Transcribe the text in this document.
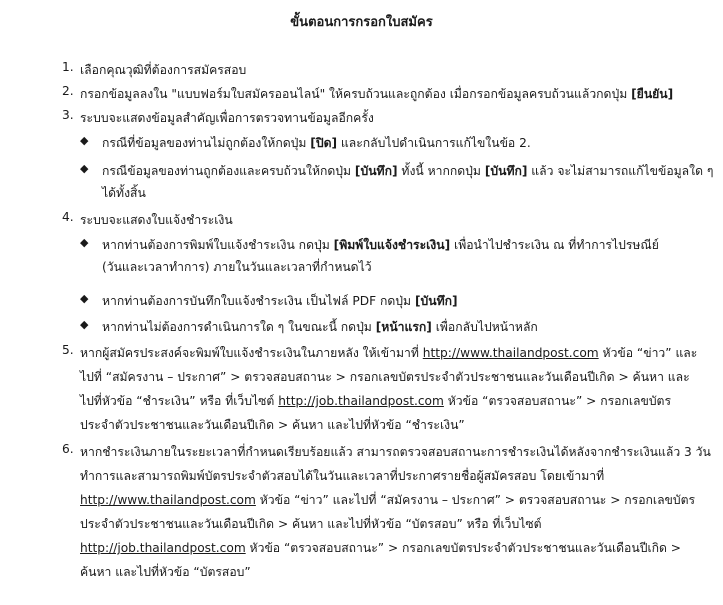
ขั้นตอนการกรอกใบสมัคร
1. เลือกคุณวุฒิที่ต้องการสมัครสอบ
2. กรอกข้อมูลลงใน "แบบฟอร์มใบสมัครออนไลน์" ให้ครบถ้วนและถูกต้อง เมื่อกรอกข้อมูลครบถ้วนแล้วกดปุ่ม [ยืนยัน]
3. ระบบจะแสดงข้อมูลสำคัญเพื่อการตรวจทานข้อมูลอีกครั้ง
◆ กรณีที่ข้อมูลของท่านไม่ถูกต้องให้กดปุ่ม [ปิด] และกลับไปดำเนินการแก้ไขในข้อ 2.
◆ กรณีข้อมูลของท่านถูกต้องและครบถ้วนให้กดปุ่ม [บันทึก] ทั้งนี้ หากกดปุ่ม [บันทึก] แล้ว จะไม่สามารถแก้ไขข้อมูลใด ๆ
ได้ทั้งสิ้น
4. ระบบจะแสดงใบแจ้งชำระเงิน
◆ หากท่านต้องการพิมพ์ใบแจ้งชำระเงิน กดปุ่ม [พิมพ์ใบแจ้งชำระเงิน] เพื่อนำไปชำระเงิน ณ ที่ทำการไปรษณีย์
(วันและเวลาทำการ) ภายในวันและเวลาที่กำหนดไว้
◆ หากท่านต้องการบันทึกใบแจ้งชำระเงิน เป็นไฟล์ PDF กดปุ่ม [บันทึก]
◆ หากท่านไม่ต้องการดำเนินการใด ๆ ในขณะนี้ กดปุ่ม [หน้าแรก] เพื่อกลับไปหน้าหลัก
5. หากผู้สมัครประสงค์จะพิมพ์ใบแจ้งชำระเงินในภายหลัง ให้เข้ามาที่ http://www.thailandpost.com หัวข้อ “ข่าว” และ
ไปที่ “สมัครงาน – ประกาศ” > ตรวจสอบสถานะ > กรอกเลขบัตรประจำตัวประชาชนและวันเดือนปีเกิด > ค้นหา และ
ไปที่หัวข้อ “ชำระเงิน” หรือ ที่เว็บไซต์ http://job.thailandpost.com หัวข้อ “ตรวจสอบสถานะ” > กรอกเลขบัตร
ประจำตัวประชาชนและวันเดือนปีเกิด > ค้นหา และไปที่หัวข้อ “ชำระเงิน”
6. หากชำระเงินภายในระยะเวลาที่กำหนดเรียบร้อยแล้ว สามารถตรวจสอบสถานะการชำระเงินได้หลังจากชำระเงินแล้ว 3 วัน
ทำการและสามารถพิมพ์บัตรประจำตัวสอบได้ในวันและเวลาที่ประกาศรายชื่อผู้สมัครสอบ โดยเข้ามาที่
http://www.thailandpost.com หัวข้อ “ข่าว” และไปที่ “สมัครงาน – ประกาศ” > ตรวจสอบสถานะ > กรอกเลขบัตร
ประจำตัวประชาชนและวันเดือนปีเกิด > ค้นหา และไปที่หัวข้อ “บัตรสอบ” หรือ ที่เว็บไซต์
http://job.thailandpost.com หัวข้อ “ตรวจสอบสถานะ” > กรอกเลขบัตรประจำตัวประชาชนและวันเดือนปีเกิด >
ค้นหา และไปที่หัวข้อ “บัตรสอบ”
